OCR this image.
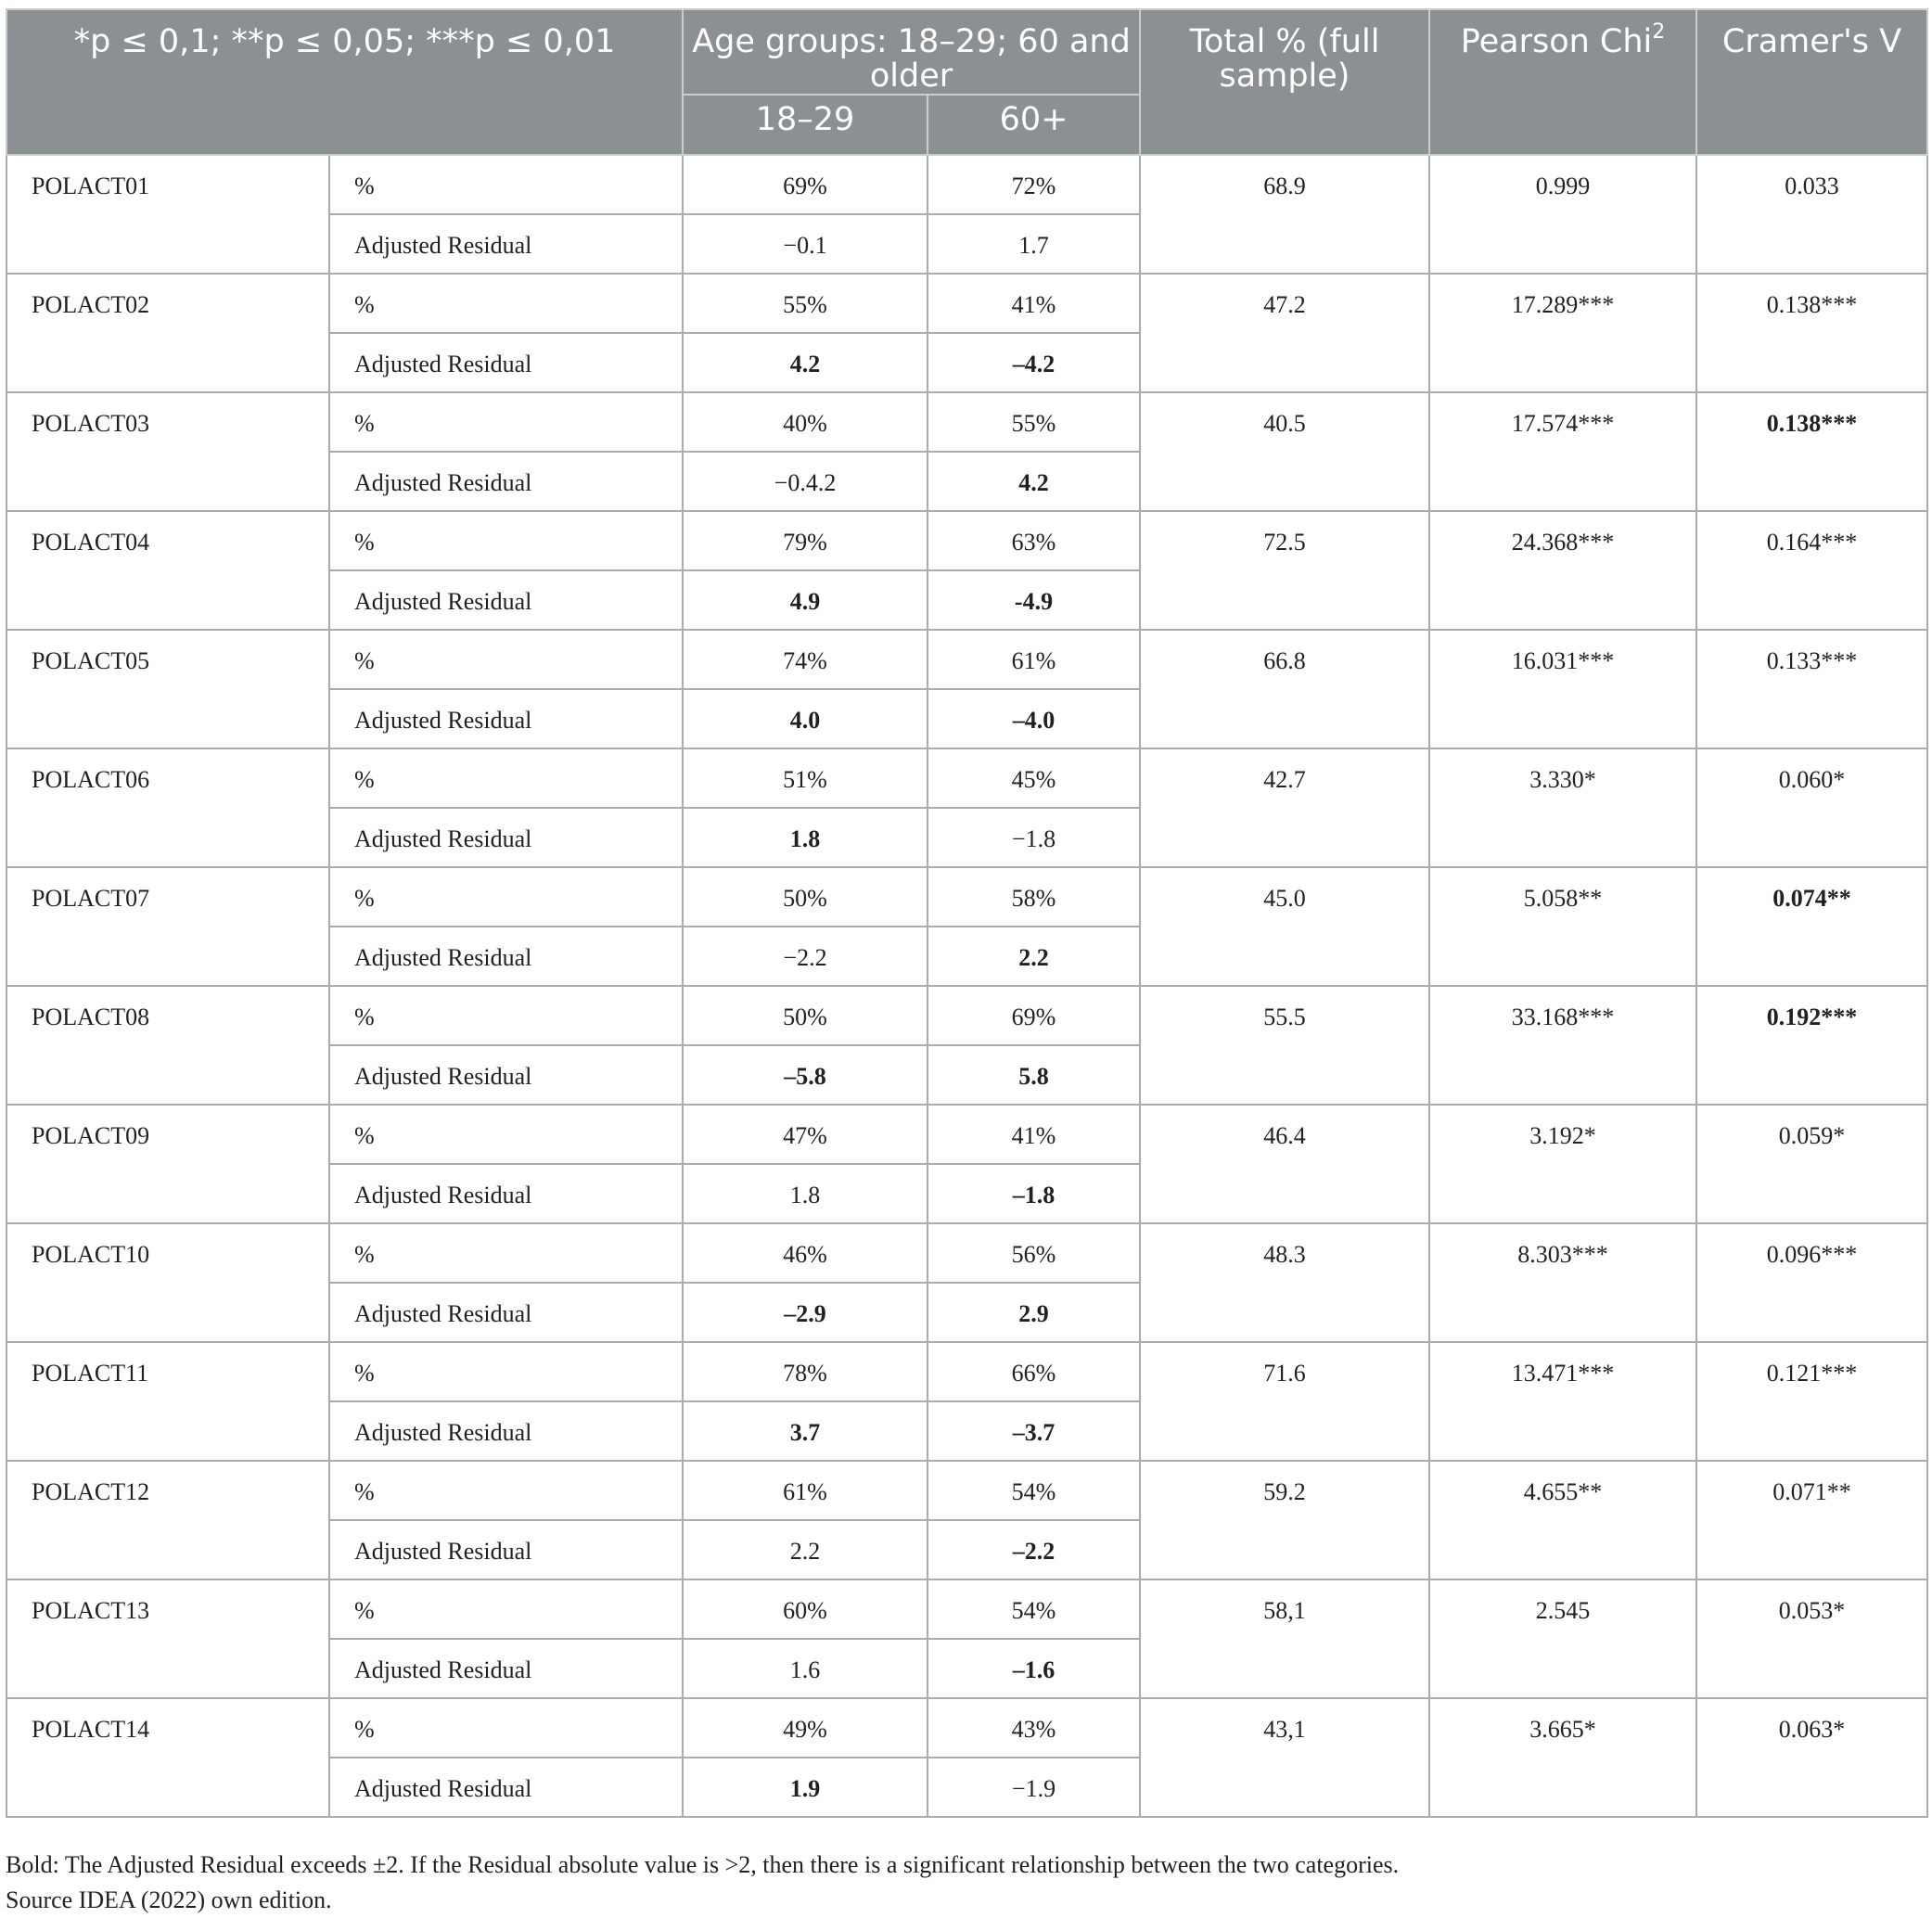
*p ≤ 0,1; **p ≤ 0,05; ***p ≤ 0,01		Age groups: 18–29; 60 and older		Total % (full sample)	Pearson Chi$^2$	Cramer's V
		18–29	60+			
POLACT01	%	69%	72%	68.9	0.999	0.033
	Adjusted Residual	−0.1	1.7			
POLACT02	%	55%	41%	47.2	17.289***	0.138***
	Adjusted Residual	4.2	–4.2			
POLACT03	%	40%	55%	40.5	17.574***	0.138***
	Adjusted Residual	−0.4.2	4.2			
POLACT04	%	79%	63%	72.5	24.368***	0.164***
	Adjusted Residual	4.9	-4.9			
POLACT05	%	74%	61%	66.8	16.031***	0.133***
	Adjusted Residual	4.0	–4.0			
POLACT06	%	51%	45%	42.7	3.330*	0.060*
	Adjusted Residual	1.8	−1.8			
POLACT07	%	50%	58%	45.0	5.058**	0.074**
	Adjusted Residual	−2.2	2.2			
POLACT08	%	50%	69%	55.5	33.168***	0.192***
	Adjusted Residual	–5.8	5.8			
POLACT09	%	47%	41%	46.4	3.192*	0.059*
	Adjusted Residual	1.8	–1.8			
POLACT10	%	46%	56%	48.3	8.303***	0.096***
	Adjusted Residual	–2.9	2.9			
POLACT11	%	78%	66%	71.6	13.471***	0.121***
	Adjusted Residual	3.7	–3.7			
POLACT12	%	61%	54%	59.2	4.655**	0.071**
	Adjusted Residual	2.2	–2.2			
POLACT13	%	60%	54%	58,1	2.545	0.053*
	Adjusted Residual	1.6	–1.6			
POLACT14	%	49%	43%	43,1	3.665*	0.063*
	Adjusted Residual	1.9	−1.9			
Bold: The Adjusted Residual exceeds ±2. If the Residual absolute value is >2, then there is a significant relationship between the two categories.
Source IDEA (2022) own edition.
